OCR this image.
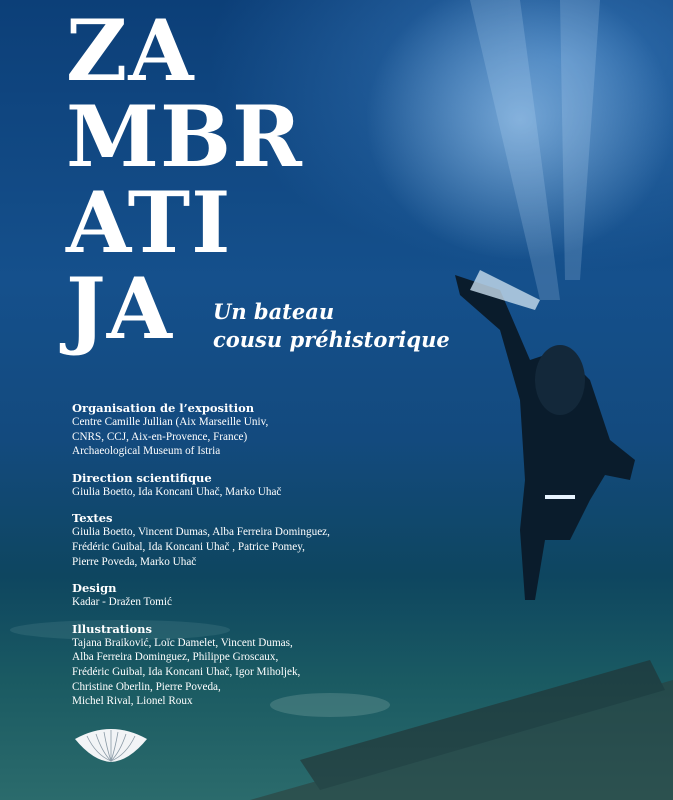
ZA
MBR
ATI
JA	Un bateau
cousu préhistorique
Organisation de l’exposition

Centre Camille Jullian (Aix Marseille Univ,
CNRS, CCJ, Aix-en-Provence, France)
Archaeological Museum of Istria

Direction scientifique

Giulia Boetto, Ida Koncani Uhač, Marko Uhač

Textes

Giulia Boetto, Vincent Dumas, Alba Ferreira Dominguez,
Frédéric Guibal, Ida Koncani Uhač , Patrice Pomey,
Pierre Poveda, Marko Uhač

Design

Kadar - Dražen Tomić

Illustrations

Tajana Braiković, Loïc Damelet, Vincent Dumas,
Alba Ferreira Dominguez, Philippe Groscaux,
Frédéric Guibal, Ida Koncani Uhač, Igor Miholjek,
Christine Oberlin, Pierre Poveda,
Michel Rival, Lionel Roux
